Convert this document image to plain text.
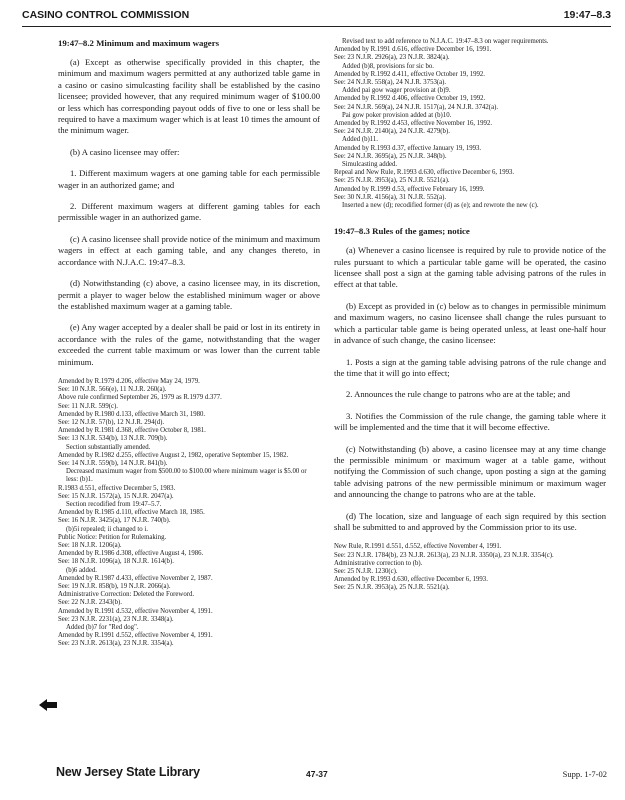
CASINO CONTROL COMMISSION	19:47–8.3
19:47–8.2 Minimum and maximum wagers

(a) Except as otherwise specifically provided in this chapter, the minimum and maximum wagers permitted at any authorized table game in a casino or casino simulcasting facility shall be established by the casino licensee; provided however, that any required minimum wager of $100.00 or less which has corresponding payout odds of five to one or less shall be required to have a maximum wager which is at least 10 times the amount of the minimum wager.

(b) A casino licensee may offer:

1. Different maximum wagers at one gaming table for each permissible wager in an authorized game; and

2. Different maximum wagers at different gaming tables for each permissible wager in an authorized game.

(c) A casino licensee shall provide notice of the minimum and maximum wagers in effect at each gaming table, and any changes thereto, in accordance with N.J.A.C. 19:47–8.3.

(d) Notwithstanding (c) above, a casino licensee may, in its discretion, permit a player to wager below the established minimum wager or above the established maximum wager at a gaming table.

(e) Any wager accepted by a dealer shall be paid or lost in its entirety in accordance with the rules of the game, notwithstanding that the wager exceeded the current table maximum or was lower than the current table minimum.

Amended by R.1979 d.206, effective May 24, 1979.

See: 10 N.J.R. 566(e), 11 N.J.R. 260(a).

Above rule confirmed September 26, 1979 as R.1979 d.377.

See: 11 N.J.R. 599(c).

Amended by R.1980 d.133, effective March 31, 1980.

See: 12 N.J.R. 57(b), 12 N.J.R. 294(d).

Amended by R.1981 d.368, effective October 8, 1981.

See: 13 N.J.R. 534(b), 13 N.J.R. 709(b).

Section substantially amended.

Amended by R.1982 d.255, effective August 2, 1982, operative September 15, 1982.

See: 14 N.J.R. 559(b), 14 N.J.R. 841(b).

Decreased maximum wager from $500.00 to $100.00 where minimum wager is $5.00 or less: (b)1.

R.1983 d.551, effective December 5, 1983.

See: 15 N.J.R. 1572(a), 15 N.J.R. 2047(a).

Section recodified from 19:47–5.7.

Amended by R.1985 d.110, effective March 18, 1985.

See: 16 N.J.R. 3425(a), 17 N.J.R. 740(b).

(b)5i repealed; ii changed to i.

Public Notice: Petition for Rulemaking.

See: 18 N.J.R. 1206(a).

Amended by R.1986 d.308, effective August 4, 1986.

See: 18 N.J.R. 1096(a), 18 N.J.R. 1614(b).

(b)6 added.

Amended by R.1987 d.433, effective November 2, 1987.

See: 19 N.J.R. 858(b), 19 N.J.R. 2066(a).

Administrative Correction: Deleted the Foreword.

See: 22 N.J.R. 2343(b).

Amended by R.1991 d.532, effective November 4, 1991.

See: 23 N.J.R. 2231(a), 23 N.J.R. 3348(a).

Added (b)7 for "Red dog".

Amended by R.1991 d.552, effective November 4, 1991.

See: 23 N.J.R. 2613(a), 23 N.J.R. 3354(a).

Revised text to add reference to N.J.A.C. 19:47–8.3 on wager requirements.

Amended by R.1991 d.616, effective December 16, 1991.

See: 23 N.J.R. 2926(a), 23 N.J.R. 3824(a).

Added (b)8, provisions for sic bo.

Amended by R.1992 d.411, effective October 19, 1992.

See: 24 N.J.R. 558(a), 24 N.J.R. 3753(a).

Added pai gow wager provision at (b)9.

Amended by R.1992 d.406, effective October 19, 1992.

See: 24 N.J.R. 569(a), 24 N.J.R. 1517(a), 24 N.J.R. 3742(a).

Pai gow poker provision added at (b)10.

Amended by R.1992 d.453, effective November 16, 1992.

See: 24 N.J.R. 2140(a), 24 N.J.R. 4279(b).

Added (b)11.

Amended by R.1993 d.37, effective January 19, 1993.

See: 24 N.J.R. 3695(a), 25 N.J.R. 348(b).

Simulcasting added.

Repeal and New Rule, R.1993 d.630, effective December 6, 1993.

See: 25 N.J.R. 3953(a), 25 N.J.R. 5521(a).

Amended by R.1999 d.53, effective February 16, 1999.

See: 30 N.J.R. 4156(a), 31 N.J.R. 552(a).

Inserted a new (d); recodified former (d) as (e); and rewrote the new (c).

19:47–8.3 Rules of the games; notice

(a) Whenever a casino licensee is required by rule to provide notice of the rules pursuant to which a particular table game will be operated, the casino licensee shall post a sign at the gaming table advising patrons of the rules in effect at that table.

(b) Except as provided in (c) below as to changes in permissible minimum and maximum wagers, no casino licensee shall change the rules pursuant to which a particular table game is being operated unless, at least one-half hour in advance of such change, the casino licensee:

1. Posts a sign at the gaming table advising patrons of the rule change and the time that it will go into effect;

2. Announces the rule change to patrons who are at the table; and

3. Notifies the Commission of the rule change, the gaming table where it will be implemented and the time that it will become effective.

(c) Notwithstanding (b) above, a casino licensee may at any time change the permissible minimum or maximum wager at a table game, without notifying the Commission of such change, upon posting a sign at the gaming table advising patrons of the new permissible minimum or maximum wager and announcing the change to patrons who are at the table.

(d) The location, size and language of each sign required by this section shall be submitted to and approved by the Commission prior to its use.

New Rule, R.1991 d.551, d.552, effective November 4, 1991.

See: 23 N.J.R. 1784(b), 23 N.J.R. 2613(a), 23 N.J.R. 3350(a), 23 N.J.R. 3354(c).

Administrative correction to (b).

See: 25 N.J.R. 1230(c).

Amended by R.1993 d.630, effective December 6, 1993.

See: 25 N.J.R. 3953(a), 25 N.J.R. 5521(a).

New Jersey State Library	47-37	Supp. 1-7-02
